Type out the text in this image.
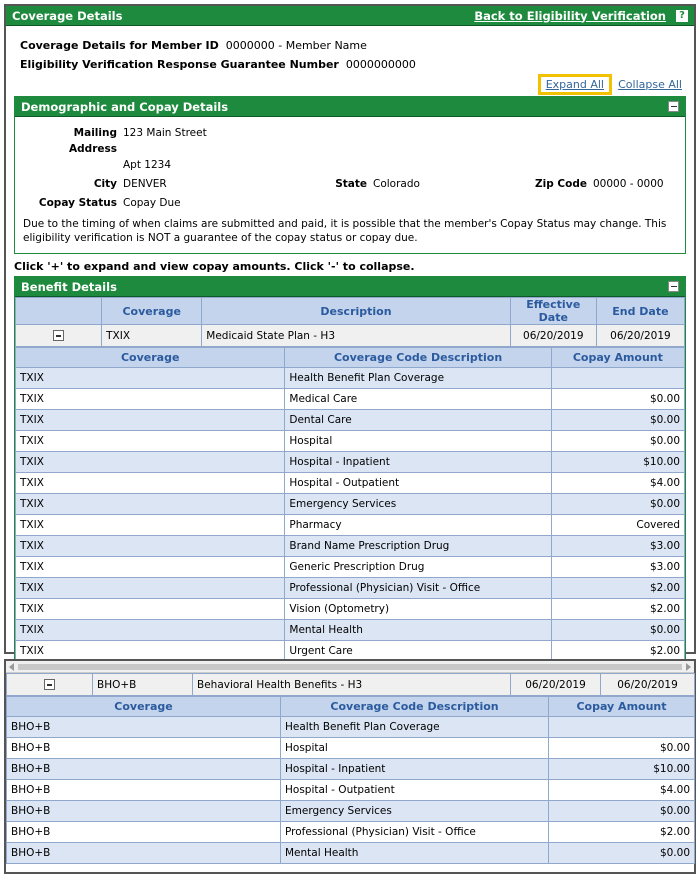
Coverage Details	Back to Eligibility Verification	?
Coverage Details for Member ID 0000000 - Member Name
Eligibility Verification Response Guarantee Number 0000000000
Expand All	Collapse All
Demographic and Copay Details
Mailing Address
123 Main Street
Apt 1234
City DENVER	State Colorado	Zip Code 00000 - 0000
Copay Status Copay Due
Due to the timing of when claims are submitted and paid, it is possible that the member's Copay Status may change. This eligibility verification is NOT a guarantee of the copay status or copay due.
Click '+' to expand and view copay amounts. Click '-' to collapse.
Benefit Details
	Coverage	Description	Effective Date	End Date
	TXIX	Medicaid State Plan - H3	06/20/2019	06/20/2019
Coverage	Coverage Code Description	Copay Amount
TXIX	Health Benefit Plan Coverage	
TXIX	Medical Care	$0.00
TXIX	Dental Care	$0.00
TXIX	Hospital	$0.00
TXIX	Hospital - Inpatient	$10.00
TXIX	Hospital - Outpatient	$4.00
TXIX	Emergency Services	$0.00
TXIX	Pharmacy	Covered
TXIX	Brand Name Prescription Drug	$3.00
TXIX	Generic Prescription Drug	$3.00
TXIX	Professional (Physician) Visit - Office	$2.00
TXIX	Vision (Optometry)	$2.00
TXIX	Mental Health	$0.00
TXIX	Urgent Care	$2.00

	BHO+B	Behavioral Health Benefits - H3	06/20/2019	06/20/2019
Coverage	Coverage Code Description	Copay Amount
BHO+B	Health Benefit Plan Coverage	
BHO+B	Hospital	$0.00
BHO+B	Hospital - Inpatient	$10.00
BHO+B	Hospital - Outpatient	$4.00
BHO+B	Emergency Services	$0.00
BHO+B	Professional (Physician) Visit - Office	$2.00
BHO+B	Mental Health	$0.00
